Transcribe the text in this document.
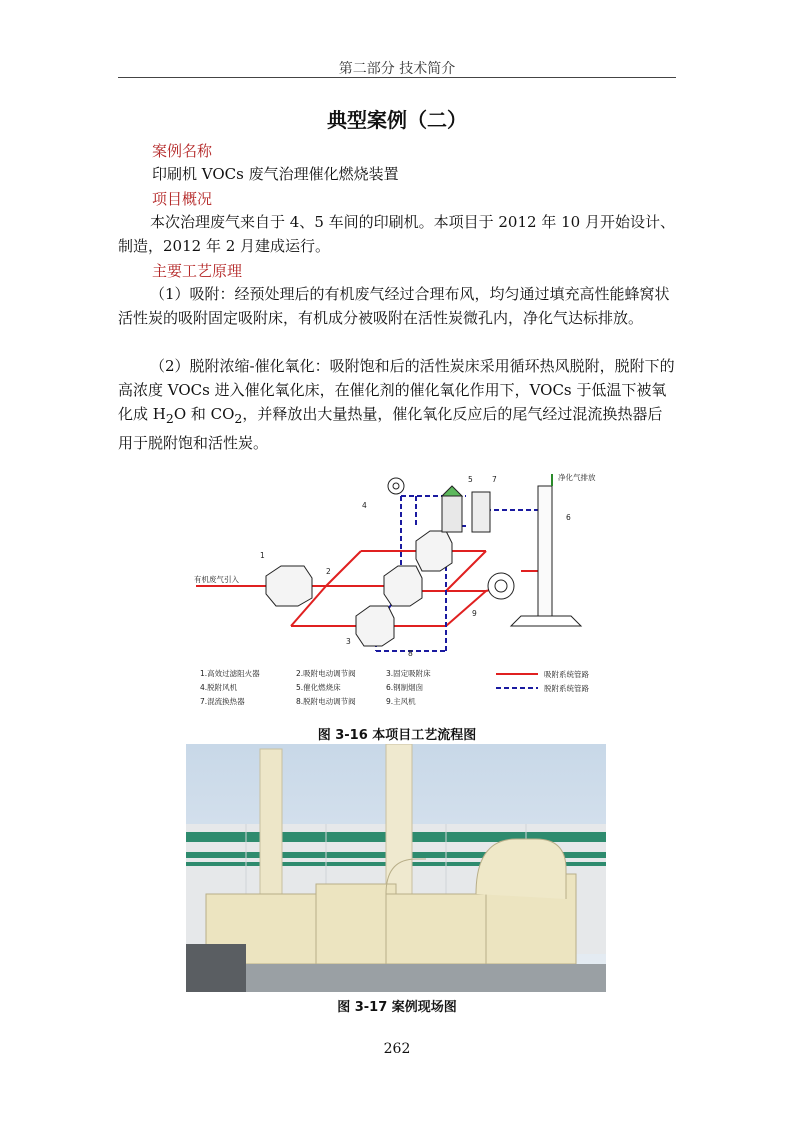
第二部分 技术简介
典型案例（二）
案例名称
印刷机 VOCs 废气治理催化燃烧装置
项目概况
本次治理废气来自于 4、5 车间的印刷机。本项目于 2012 年 10 月开始设计、制造，2012 年 2 月建成运行。
主要工艺原理
（1）吸附：经预处理后的有机废气经过合理布风，均匀通过填充高性能蜂窝状活性炭的吸附固定吸附床，有机成分被吸附在活性炭微孔内，净化气达标排放。
（2）脱附浓缩-催化氧化：吸附饱和后的活性炭床采用循环热风脱附，脱附下的高浓度 VOCs 进入催化氧化床，在催化剂的催化氧化作用下，VOCs 于低温下被氧化成 $H_2O$ 和 $CO_2$，并释放出大量热量，催化氧化反应后的尾气经过混流换热器后用于脱附饱和活性炭。
有机废气引入
净化气排放
1
2
3
4
5
6
7
8
9
1.高效过滤阻火器	2.吸附电动调节阀	3.固定吸附床
4.脱附风机	5.催化燃烧床	6.钢制烟囱
7.混流换热器	8.脱附电动调节阀	9.主风机
吸附系统管路
脱附系统管路
图 3-16 本项目工艺流程图
图 3-17 案例现场图
262
